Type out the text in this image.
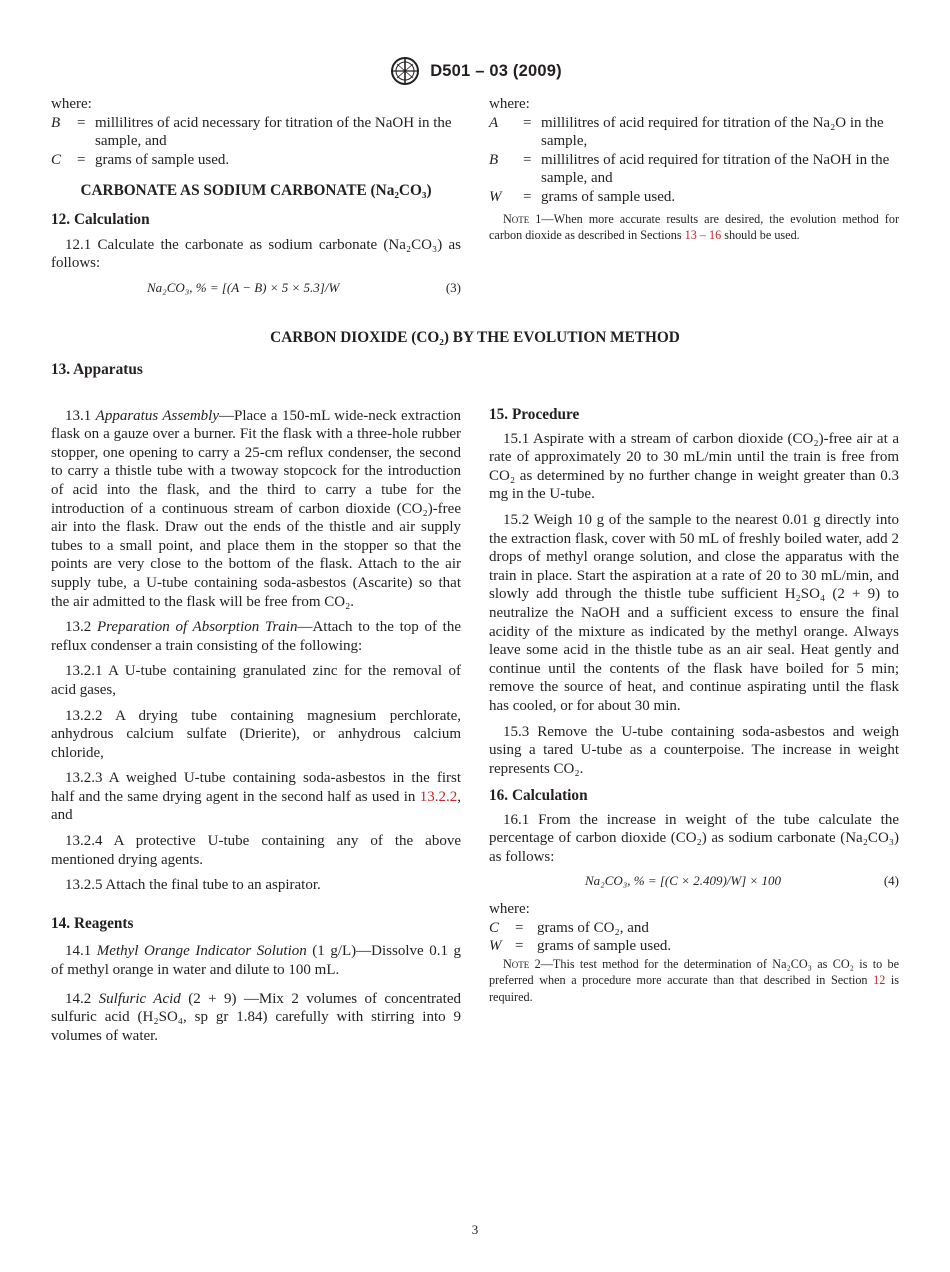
D501 – 03 (2009)

where:

B	= millilitres of acid necessary for titration of the NaOH in the sample, and
C	= grams of sample used.

CARBONATE AS SODIUM CARBONATE (Na₂CO₃)

12. Calculation

12.1 Calculate the carbonate as sodium carbonate (Na₂CO₃) as follows:

Na₂CO₃, % = [(A − B) × 5 × 5.3]/W	(3)

where:

A	= millilitres of acid required for titration of the Na₂O in the sample,
B	= millilitres of acid required for titration of the NaOH in the sample, and
W	= grams of sample used.

Note 1—When more accurate results are desired, the evolution method for carbon dioxide as described in Sections 13 – 16 should be used.

CARBON DIOXIDE (CO₂) BY THE EVOLUTION METHOD

13. Apparatus

13.1 Apparatus Assembly—Place a 150-mL wide-neck extraction flask on a gauze over a burner. Fit the flask with a three-hole rubber stopper, one opening to carry a 25-cm reflux condenser, the second to carry a thistle tube with a twoway stopcock for the introduction of acid into the flask, and the third to carry a tube for the introduction of a continuous stream of carbon dioxide (CO₂)-free air into the flask. Draw out the ends of the thistle and air supply tubes to a small point, and place them in the stopper so that the points are very close to the bottom of the flask. Attach to the air supply tube, a U-tube containing soda-asbestos (Ascarite) so that the air admitted to the flask will be free from CO₂.

13.2 Preparation of Absorption Train—Attach to the top of the reflux condenser a train consisting of the following:

13.2.1 A U-tube containing granulated zinc for the removal of acid gases,

13.2.2 A drying tube containing magnesium perchlorate, anhydrous calcium sulfate (Drierite), or anhydrous calcium chloride,

13.2.3 A weighed U-tube containing soda-asbestos in the first half and the same drying agent in the second half as used in 13.2.2, and

13.2.4 A protective U-tube containing any of the above mentioned drying agents.

13.2.5 Attach the final tube to an aspirator.

14. Reagents

14.1 Methyl Orange Indicator Solution (1 g/L)—Dissolve 0.1 g of methyl orange in water and dilute to 100 mL.

14.2 Sulfuric Acid (2 + 9) —Mix 2 volumes of concentrated sulfuric acid (H₂SO₄, sp gr 1.84) carefully with stirring into 9 volumes of water.

15. Procedure

15.1 Aspirate with a stream of carbon dioxide (CO₂)-free air at a rate of approximately 20 to 30 mL/min until the train is free from CO₂ as determined by no further change in weight greater than 0.3 mg in the U-tube.

15.2 Weigh 10 g of the sample to the nearest 0.01 g directly into the extraction flask, cover with 50 mL of freshly boiled water, add 2 drops of methyl orange solution, and close the apparatus with the train in place. Start the aspiration at a rate of 20 to 30 mL/min, and slowly add through the thistle tube sufficient H₂SO₄ (2 + 9) to neutralize the NaOH and a sufficient excess to ensure the final acidity of the mixture as indicated by the methyl orange. Always leave some acid in the thistle tube as an air seal. Heat gently and continue until the contents of the flask have boiled for 5 min; remove the source of heat, and continue aspirating until the flask has cooled, or for about 30 min.

15.3 Remove the U-tube containing soda-asbestos and weigh using a tared U-tube as a counterpoise. The increase in weight represents CO₂.

16. Calculation

16.1 From the increase in weight of the tube calculate the percentage of carbon dioxide (CO₂) as sodium carbonate (Na₂CO₃) as follows:

Na₂CO₃, % = [(C × 2.409)/W] × 100	(4)

where:

C	= grams of CO₂, and
W = grams of sample used.

Note 2—This test method for the determination of Na₂CO₃ as CO₂ is to be preferred when a procedure more accurate than that described in Section 12 is required.

3
